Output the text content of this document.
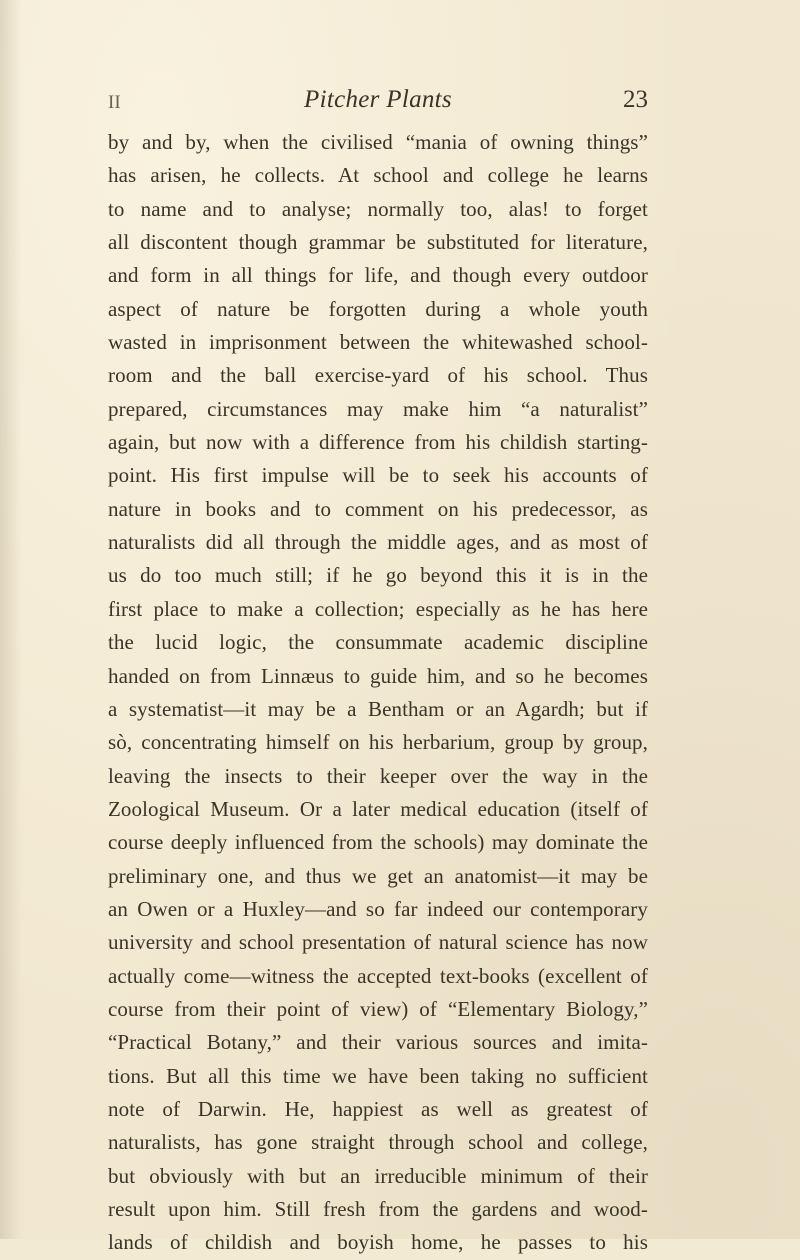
II	Pitcher Plants	23
by and by, when the civilised “mania of owning things”
has arisen, he collects. At school and college he learns
to name and to analyse; normally too, alas! to forget
all discontent though grammar be substituted for literature,
and form in all things for life, and though every outdoor
aspect of nature be forgotten during a whole youth
wasted in imprisonment between the whitewashed school-
room and the ball exercise-yard of his school. Thus
prepared, circumstances may make him “a naturalist”
again, but now with a difference from his childish starting-
point. His first impulse will be to seek his accounts of
nature in books and to comment on his predecessor, as
naturalists did all through the middle ages, and as most of
us do too much still; if he go beyond this it is in the
first place to make a collection; especially as he has here
the lucid logic, the consummate academic discipline
handed on from Linnæus to guide him, and so he becomes
a systematist—it may be a Bentham or an Agardh; but if
sò, concentrating himself on his herbarium, group by group,
leaving the insects to their keeper over the way in the
Zoological Museum. Or a later medical education (itself of
course deeply influenced from the schools) may dominate the
preliminary one, and thus we get an anatomist—it may be
an Owen or a Huxley—and so far indeed our contemporary
university and school presentation of natural science has now
actually come—witness the accepted text-books (excellent of
course from their point of view) of “Elementary Biology,”
“Practical Botany,” and their various sources and imita-
tions. But all this time we have been taking no sufficient
note of Darwin. He, happiest as well as greatest of
naturalists, has gone straight through school and college,
but obviously with but an irreducible minimum of their
result upon him. Still fresh from the gardens and wood-
lands of childish and boyish home, he passes to his
